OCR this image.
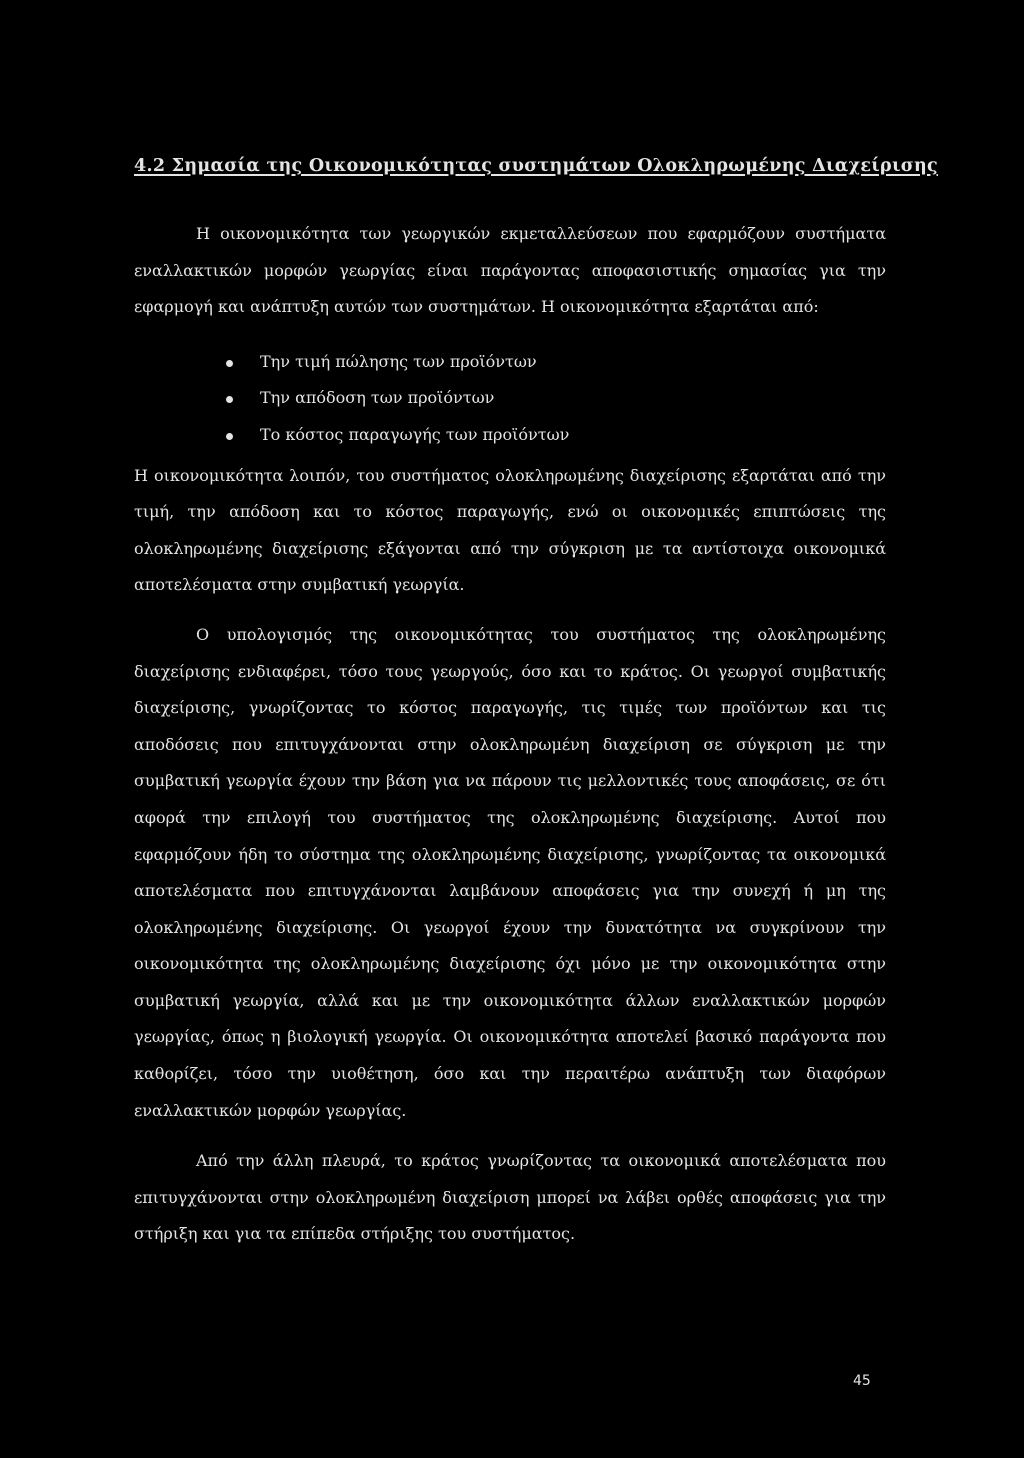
4.2 Σημασία της Οικονομικότητας συστημάτων Ολοκληρωμένης Διαχείρισης

Η οικονομικότητα των γεωργικών εκμεταλλεύσεων που εφαρμόζουν συστήματα εναλλακτικών μορφών γεωργίας είναι παράγοντας αποφασιστικής σημασίας για την εφαρμογή και ανάπτυξη αυτών των συστημάτων. Η οικονομικότητα εξαρτάται από:

Την τιμή πώλησης των προϊόντων
Την απόδοση των προϊόντων
Το κόστος παραγωγής των προϊόντων

Η οικονομικότητα λοιπόν, του συστήματος ολοκληρωμένης διαχείρισης εξαρτάται από την τιμή, την απόδοση και το κόστος παραγωγής, ενώ οι οικονομικές επιπτώσεις της ολοκληρωμένης διαχείρισης εξάγονται από την σύγκριση με τα αντίστοιχα οικονομικά αποτελέσματα στην συμβατική γεωργία.

Ο υπολογισμός της οικονομικότητας του συστήματος της ολοκληρωμένης διαχείρισης ενδιαφέρει, τόσο τους γεωργούς, όσο και το κράτος. Οι γεωργοί συμβατικής διαχείρισης, γνωρίζοντας το κόστος παραγωγής, τις τιμές των προϊόντων και τις αποδόσεις που επιτυγχάνονται στην ολοκληρωμένη διαχείριση σε σύγκριση με την συμβατική γεωργία έχουν την βάση για να πάρουν τις μελλοντικές τους αποφάσεις, σε ότι αφορά την επιλογή του συστήματος της ολοκληρωμένης διαχείρισης. Αυτοί που εφαρμόζουν ήδη το σύστημα της ολοκληρωμένης διαχείρισης, γνωρίζοντας τα οικονομικά αποτελέσματα που επιτυγχάνονται λαμβάνουν αποφάσεις για την συνεχή ή μη της ολοκληρωμένης διαχείρισης. Οι γεωργοί έχουν την δυνατότητα να συγκρίνουν την οικονομικότητα της ολοκληρωμένης διαχείρισης όχι μόνο με την οικονομικότητα στην συμβατική γεωργία, αλλά και με την οικονομικότητα άλλων εναλλακτικών μορφών γεωργίας, όπως η βιολογική γεωργία. Οι οικονομικότητα αποτελεί βασικό παράγοντα που καθορίζει, τόσο την υιοθέτηση, όσο και την περαιτέρω ανάπτυξη των διαφόρων εναλλακτικών μορφών γεωργίας.

Από την άλλη πλευρά, το κράτος γνωρίζοντας τα οικονομικά αποτελέσματα που επιτυγχάνονται στην ολοκληρωμένη διαχείριση μπορεί να λάβει ορθές αποφάσεις για την στήριξη και για τα επίπεδα στήριξης του συστήματος.

45
